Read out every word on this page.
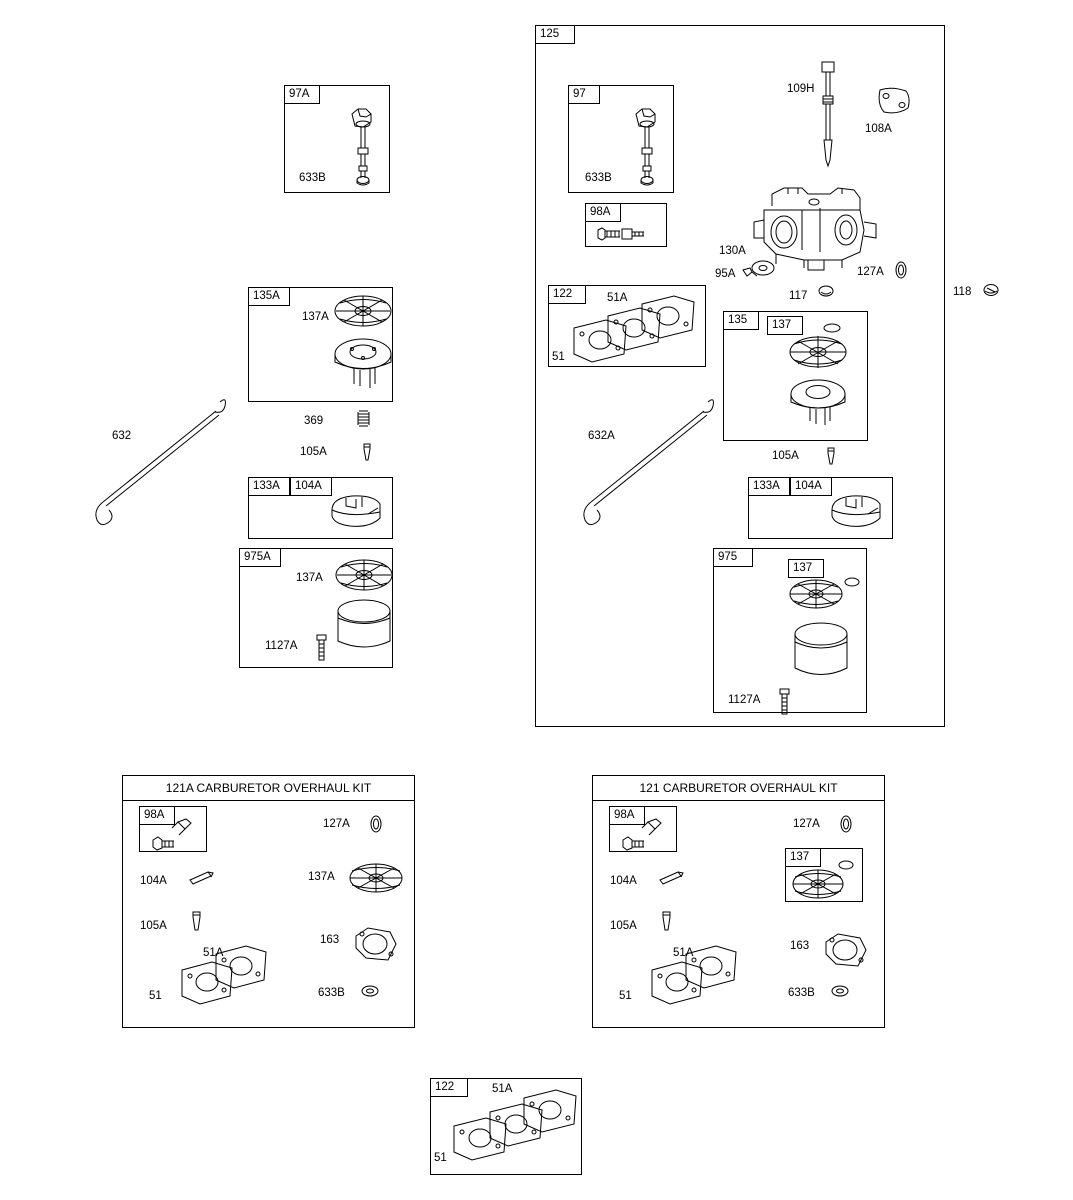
97A
633B
135A
137A
369
105A
133A	104A
975A
137A
1127A
632
125
97
633B
98A
109H
108A
130A
95A
117
127A
118
122	51A
51
135	137
105A
133A	104A
975
137
1127A
632A
121A CARBURETOR OVERHAUL KIT
98A
127A
104A	137A
105A
163
51A
51	633B
121 CARBURETOR OVERHAUL KIT
98A
127A
137
104A
105A
163
51A
51	633B
122	51A
51
